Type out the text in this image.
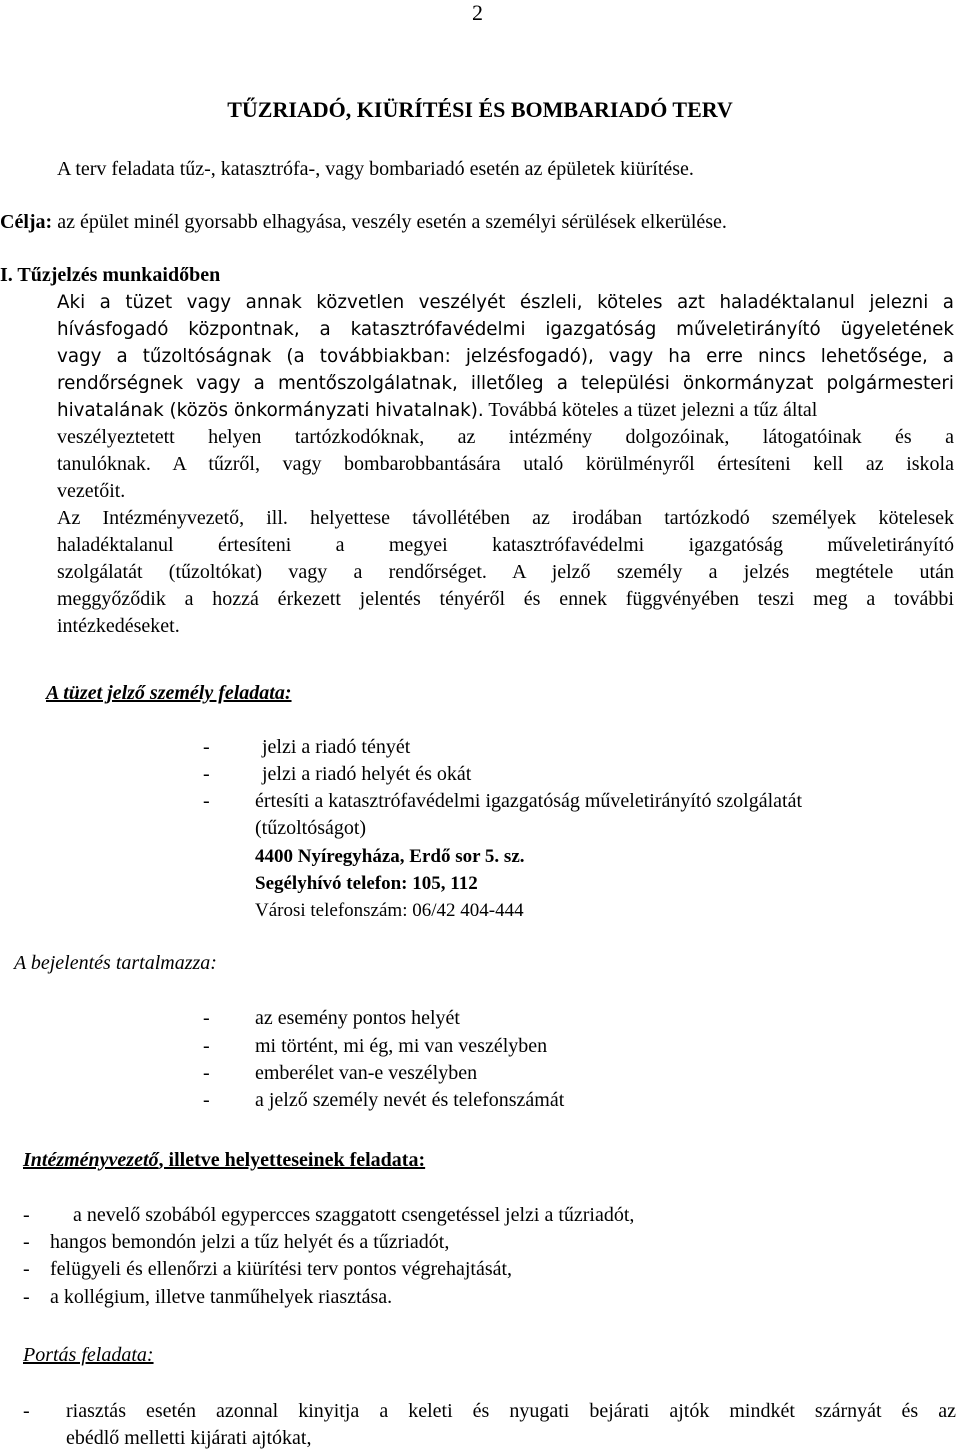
2
TŰZRIADÓ, KIÜRÍTÉSI ÉS BOMBARIADÓ TERV
A terv feladata tűz-, katasztrófa-, vagy bombariadó esetén az épületek kiürítése.
Célja: az épület minél gyorsabb elhagyása, veszély esetén a személyi sérülések elkerülése.
I. Tűzjelzés munkaidőben
Aki a tüzet vagy annak közvetlen veszélyét észleli, köteles azt haladéktalanul jelezni a
hívásfogadó központnak, a katasztrófavédelmi igazgatóság műveletirányító ügyeletének
vagy a tűzoltóságnak (a továbbiakban: jelzésfogadó), vagy ha erre nincs lehetősége, a
rendőrségnek vagy a mentőszolgálatnak, illetőleg a települési önkormányzat polgármesteri
hivatalának (közös önkormányzati hivatalnak). Továbbá köteles a tüzet jelezni a tűz által
veszélyeztetett helyen tartózkodóknak, az intézmény dolgozóinak, látogatóinak és a
tanulóknak. A tűzről, vagy bombarobbantására utaló körülményről értesíteni kell az iskola
vezetőit.
Az Intézményvezető, ill. helyettese távollétében az irodában tartózkodó személyek kötelesek
haladéktalanul értesíteni a megyei katasztrófavédelmi igazgatóság műveletirányító
szolgálatát (tűzoltókat) vagy a rendőrséget. A jelző személy a jelzés megtétele után
meggyőződik a hozzá érkezett jelentés tényéről és ennek függvényében teszi meg a további
intézkedéseket.
A tüzet jelző személy feladata:
-	jelzi a riadó tényét
-	jelzi a riadó helyét és okát
- értesíti a katasztrófavédelmi igazgatóság műveletirányító szolgálatát
(tűzoltóságot)
4400 Nyíregyháza, Erdő sor 5. sz.
Segélyhívó telefon: 105, 112
Városi telefonszám: 06/42 404-444
A bejelentés tartalmazza:
- az esemény pontos helyét
- mi történt, mi ég, mi van veszélyben
- emberélet van-e veszélyben
- a jelző személy nevét és telefonszámát
Intézményvezető, illetve helyetteseinek feladata:
- a nevelő szobából egypercces szaggatott csengetéssel jelzi a tűzriadót,
- hangos bemondón jelzi a tűz helyét és a tűzriadót,
- felügyeli és ellenőrzi a kiürítési terv pontos végrehajtását,
- a kollégium, illetve tanműhelyek riasztása.
Portás feladata:
- riasztás esetén azonnal kinyitja a keleti és nyugati bejárati ajtók mindkét szárnyát és az
ebédlő melletti kijárati ajtókat,
